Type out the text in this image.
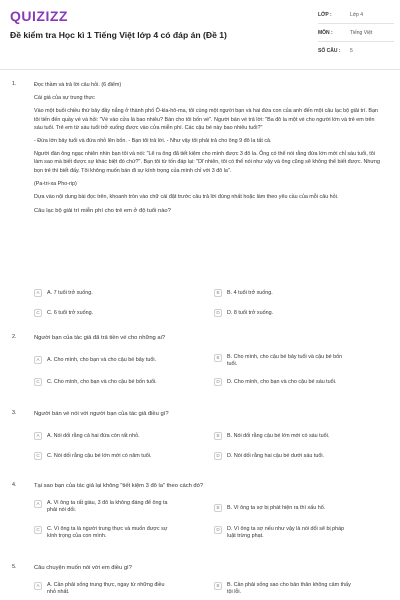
QUIZIZZ
Đề kiểm tra Học kì 1 Tiếng Việt lớp 4 có đáp án (Đề 1)
LỚP :	Lớp 4
MÔN :	Tiếng Việt
SỐ CÂU :	5
1.	Đọc thầm và trả lời câu hỏi. (6 điểm)
Cái giá của sự trung thực
Vào một buổi chiều thứ bảy đầy nắng ở thành phố Ô-kla-hô-ma, tôi cùng một người bạn và hai đứa con của anh đến một câu lạc bộ giải trí. Bạn tôi tiến đến quầy vé và hỏi: "Vé vào cửa là bao nhiêu? Bán cho tôi bốn vé". Người bán vé trả lời: "Ba đô la một vé cho người lớn và trẻ em trên sáu tuổi. Trẻ em từ sáu tuổi trở xuống được vào cửa miễn phí. Các cậu bé này bao nhiêu tuổi?"
- Đứa lớn bảy tuổi và đứa nhỏ lên bốn. - Bạn tôi trả lời. - Như vậy tôi phải trả cho ông 9 đô la tất cả.
Người đàn ông ngạc nhiên nhìn bạn tôi và nói: "Lẽ ra ông đã tiết kiệm cho mình được 3 đô la. Ông có thể nói rằng đứa lớn mới chỉ sáu tuổi, tôi làm sao mà biết được sự khác biệt đó chứ?". Bạn tôi từ tốn đáp lại: "Dĩ nhiên, tôi có thể nói như vậy và ông cũng sẽ không thể biết được. Nhưng bọn trẻ thì biết đấy. Tôi không muốn bán đi sự kính trọng của mình chỉ với 3 đô la".
(Pa-tri-xa Pho-rip)
Dựa vào nội dung bài đọc trên, khoanh tròn vào chữ cái đặt trước câu trả lời đúng nhất hoặc làm theo yêu cầu của mỗi câu hỏi.
Câu lạc bộ giải trí miễn phí cho trẻ em ở độ tuổi nào?
A	A. 7 tuổi trở xuống.	B	B. 4 tuổi trở xuống.
C	C. 6 tuổi trở xuống.	D	D. 8 tuổi trở xuống.
2.	Người bạn của tác giả đã trả tiền vé cho những ai?
A	A. Cho mình, cho bạn và cho cậu bé bảy tuổi.	B	B. Cho mình, cho cậu bé bảy tuổi và cậu bé bốn tuổi.
C	C. Cho mình, cho bạn và cho cậu bé bốn tuổi.	D	D. Cho mình, cho bạn và cho cậu bé sáu tuổi.
3.	Người bán vé nói với người bạn của tác giả điều gì?
A	A. Nói dối rằng cả hai đứa còn rất nhỏ.	B	B. Nói dối rằng cậu bé lớn mới có sáu tuổi.
C	C. Nói dối rằng cậu bé lớn mới có năm tuổi.	D	D. Nói dối rằng hai cậu bé dưới sáu tuổi.
4.	Tại sao bạn của tác giả lại không "tiết kiệm 3 đô la" theo cách đó?
A	A. Vì ông ta rất giàu, 3 đô la không đáng để ông ta phải nói dối.	B	B. Vì ông ta sợ bị phát hiện ra thì xấu hổ.
C	C. Vì ông ta là người trung thực và muốn được sự kính trọng của con mình.
D	D. Vì ông ta sợ nếu như vậy là nói dối sẽ bị pháp luật trừng phạt.
5.	Câu chuyện muốn nói với em điều gì?
A	A. Cần phải sống trung thực, ngay từ những điều nhỏ nhất.
B	B. Cần phải sống sao cho bản thân không cảm thấy tội lỗi.
